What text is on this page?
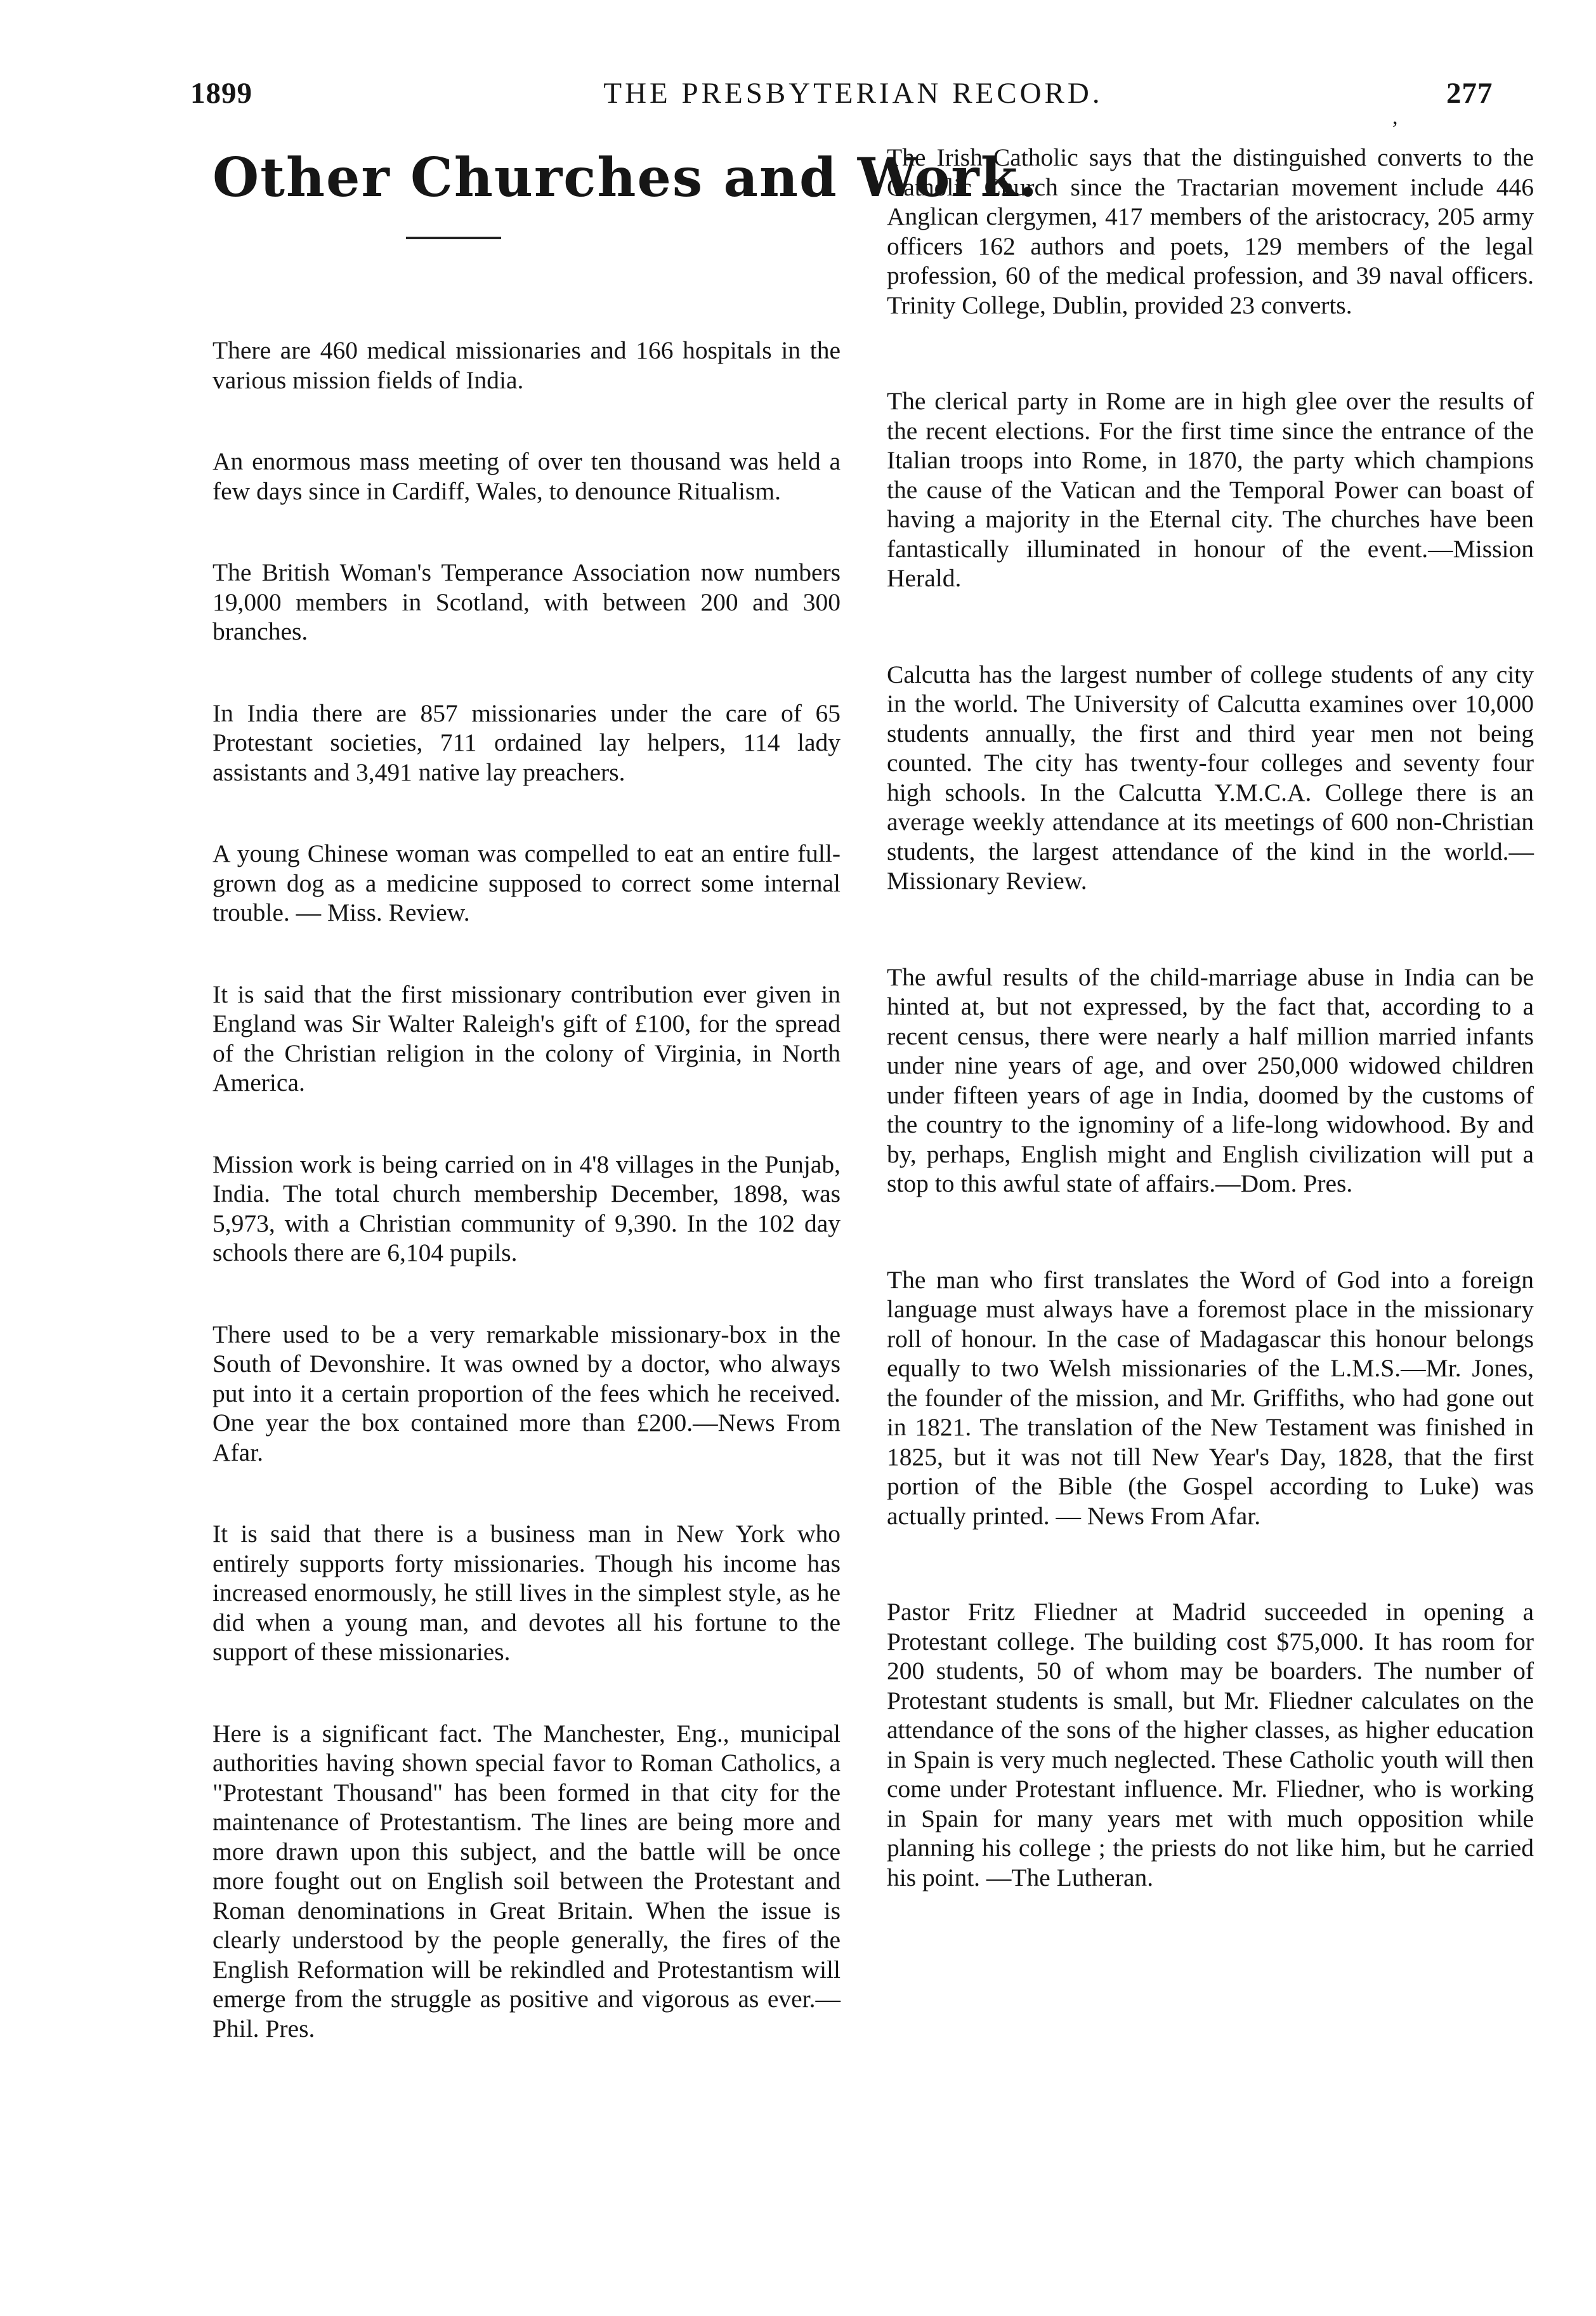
1899	THE PRESBYTERIAN RECORD.
,
277
Other Churches and Work.

There are 460 medical missionaries and 166 hospitals in the various mission fields of India.

An enormous mass meeting of over ten thousand was held a few days since in Cardiff, Wales, to denounce Ritualism.

The British Woman's Temperance Association now numbers 19,000 members in Scotland, with between 200 and 300 branches.

In India there are 857 missionaries under the care of 65 Protestant societies, 711 ordained lay helpers, 114 lady assistants and 3,491 native lay preachers.

A young Chinese woman was compelled to eat an entire full-grown dog as a medicine supposed to correct some internal trouble. — Miss. Review.

It is said that the first missionary contribution ever given in England was Sir Walter Raleigh's gift of £100, for the spread of the Christian religion in the colony of Virginia, in North America.

Mission work is being carried on in 4'8 villages in the Punjab, India. The total church membership December, 1898, was 5,973, with a Christian community of 9,390. In the 102 day schools there are 6,104 pupils.

There used to be a very remarkable missionary-box in the South of Devonshire. It was owned by a doctor, who always put into it a certain proportion of the fees which he received. One year the box contained more than £200.—News From Afar.

It is said that there is a business man in New York who entirely supports forty missionaries. Though his income has increased enormously, he still lives in the simplest style, as he did when a young man, and devotes all his fortune to the support of these missionaries.

Here is a significant fact. The Manchester, Eng., municipal authorities having shown special favor to Roman Catholics, a "Protestant Thousand" has been formed in that city for the maintenance of Protestantism. The lines are being more and more drawn upon this subject, and the battle will be once more fought out on English soil between the Protestant and Roman denominations in Great Britain. When the issue is clearly understood by the people generally, the fires of the English Reformation will be rekindled and Protestantism will emerge from the struggle as positive and vigorous as ever.—Phil. Pres.

The Irish Catholic says that the distinguished converts to the Catholic Church since the Tractarian movement include 446 Anglican clergymen, 417 members of the aristocracy, 205 army officers 162 authors and poets, 129 members of the legal profession, 60 of the medical profession, and 39 naval officers. Trinity College, Dublin, provided 23 converts.

The clerical party in Rome are in high glee over the results of the recent elections. For the first time since the entrance of the Italian troops into Rome, in 1870, the party which champions the cause of the Vatican and the Temporal Power can boast of having a majority in the Eternal city. The churches have been fantastically illuminated in honour of the event.—Mission Herald.

Calcutta has the largest number of college students of any city in the world. The University of Calcutta examines over 10,000 students annually, the first and third year men not being counted. The city has twenty-four colleges and seventy four high schools. In the Calcutta Y.M.C.A. College there is an average weekly attendance at its meetings of 600 non-Christian students, the largest attendance of the kind in the world.—Missionary Review.

The awful results of the child-marriage abuse in India can be hinted at, but not expressed, by the fact that, according to a recent census, there were nearly a half million married infants under nine years of age, and over 250,000 widowed children under fifteen years of age in India, doomed by the customs of the country to the ignominy of a life-long widowhood. By and by, perhaps, English might and English civilization will put a stop to this awful state of affairs.—Dom. Pres.

The man who first translates the Word of God into a foreign language must always have a foremost place in the missionary roll of honour. In the case of Madagascar this honour belongs equally to two Welsh missionaries of the L.M.S.—Mr. Jones, the founder of the mission, and Mr. Griffiths, who had gone out in 1821. The translation of the New Testament was finished in 1825, but it was not till New Year's Day, 1828, that the first portion of the Bible (the Gospel according to Luke) was actually printed. — News From Afar.

Pastor Fritz Fliedner at Madrid succeeded in opening a Protestant college. The building cost $75,000. It has room for 200 students, 50 of whom may be boarders. The number of Protestant students is small, but Mr. Fliedner calculates on the attendance of the sons of the higher classes, as higher education in Spain is very much neglected. These Catholic youth will then come under Protestant influence. Mr. Fliedner, who is working in Spain for many years met with much opposition while planning his college ; the priests do not like him, but he carried his point. —The Lutheran.
